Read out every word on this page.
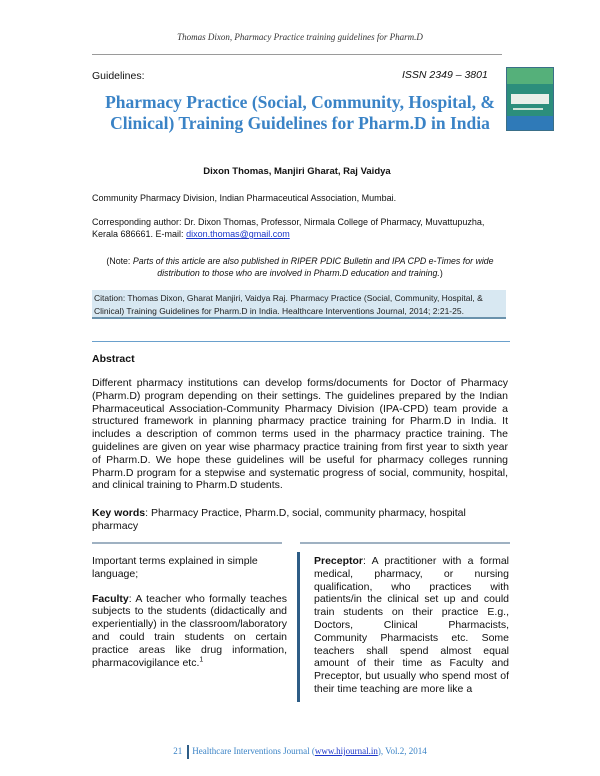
Thomas Dixon, Pharmacy Practice training guidelines for Pharm.D
Guidelines:	ISSN 2349 – 3801
Pharmacy Practice (Social, Community, Hospital, & Clinical) Training Guidelines for Pharm.D in India
Dixon Thomas, Manjiri Gharat, Raj Vaidya
Community Pharmacy Division, Indian Pharmaceutical Association, Mumbai.
Corresponding author: Dr. Dixon Thomas, Professor, Nirmala College of Pharmacy, Muvattupuzha, Kerala 686661. E-mail: dixon.thomas@gmail.com
(Note: Parts of this article are also published in RIPER PDIC Bulletin and IPA CPD e-Times for wide distribution to those who are involved in Pharm.D education and training.)
Citation: Thomas Dixon, Gharat Manjiri, Vaidya Raj. Pharmacy Practice (Social, Community, Hospital, & Clinical) Training Guidelines for Pharm.D in India. Healthcare Interventions Journal, 2014; 2:21-25.
Abstract

Different pharmacy institutions can develop forms/documents for Doctor of Pharmacy (Pharm.D) program depending on their settings. The guidelines prepared by the Indian Pharmaceutical Association-Community Pharmacy Division (IPA-CPD) team provide a structured framework in planning pharmacy practice training for Pharm.D in India. It includes a description of common terms used in the pharmacy practice training. The guidelines are given on year wise pharmacy practice training from first year to sixth year of Pharm.D. We hope these guidelines will be useful for pharmacy colleges running Pharm.D program for a stepwise and systematic progress of social, community, hospital, and clinical training to Pharm.D students.

Key words: Pharmacy Practice, Pharm.D, social, community pharmacy, hospital pharmacy

Important terms explained in simple language;

Faculty: A teacher who formally teaches subjects to the students (didactically and experientially) in the classroom/laboratory and could train students on certain practice areas like drug information, pharmacovigilance etc.$^1$

Preceptor: A practitioner with a formal medical, pharmacy, or nursing qualification, who practices with patients/in the clinical set up and could train students on their practice E.g., Doctors, Clinical Pharmacists, Community Pharmacists etc. Some teachers shall spend almost equal amount of their time as Faculty and Preceptor, but usually who spend most of their time teaching are more like a

21 Healthcare Interventions Journal (www.hijournal.in), Vol.2, 2014
